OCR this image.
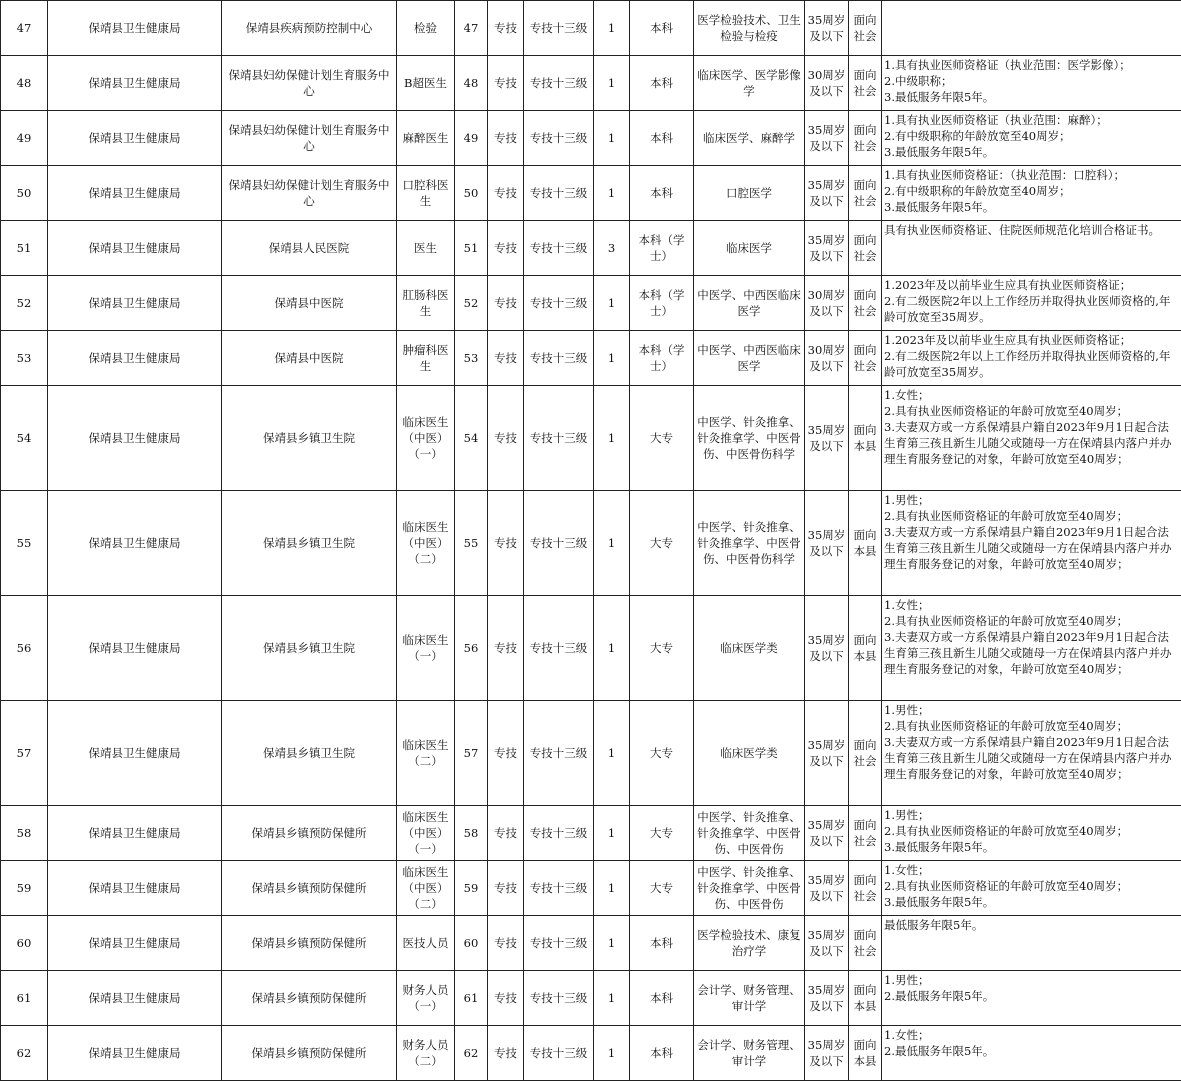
47	保靖县卫生健康局	保靖县疾病预防控制中心	检验	47	专技	专技十三级	1	本科	医学检验技术、卫生检验与检疫	35周岁及以下	面向社会	
48	保靖县卫生健康局	保靖县妇幼保健计划生育服务中心	B超医生	48	专技	专技十三级	1	本科	临床医学、医学影像学	30周岁及以下	面向社会	1.具有执业医师资格证（执业范围：医学影像）；
2.中级职称；
3.最低服务年限5年。

49	保靖县卫生健康局	保靖县妇幼保健计划生育服务中心	麻醉医生	49	专技	专技十三级	1	本科	临床医学、麻醉学	35周岁及以下	面向社会	1.具有执业医师资格证（执业范围：麻醉）；
2.有中级职称的年龄放宽至40周岁；
3.最低服务年限5年。

50	保靖县卫生健康局	保靖县妇幼保健计划生育服务中心	口腔科医生	50	专技	专技十三级	1	本科	口腔医学	35周岁及以下	面向社会	1.具有执业医师资格证：（执业范围：口腔科）；
2.有中级职称的年龄放宽至40周岁；
3.最低服务年限5年。

51	保靖县卫生健康局	保靖县人民医院	医生	51	专技	专技十三级	3	本科（学士）	临床医学	35周岁及以下	面向社会	具有执业医师资格证、住院医师规范化培训合格证书。

52	保靖县卫生健康局	保靖县中医院	肛肠科医生	52	专技	专技十三级	1	本科（学士）	中医学、中西医临床医学	30周岁及以下	面向社会	1.2023年及以前毕业生应具有执业医师资格证；
2.有二级医院2年以上工作经历并取得执业医师资格的,年龄可放宽至35周岁。

53	保靖县卫生健康局	保靖县中医院	肿瘤科医生	53	专技	专技十三级	1	本科（学士）	中医学、中西医临床医学	30周岁及以下	面向社会	1.2023年及以前毕业生应具有执业医师资格证；
2.有二级医院2年以上工作经历并取得执业医师资格的,年龄可放宽至35周岁。

54	保靖县卫生健康局	保靖县乡镇卫生院	临床医生（中医）（一）	54	专技	专技十三级	1	大专	中医学、针灸推拿、针灸推拿学、中医骨伤、中医骨伤科学	35周岁及以下	面向本县	1.女性；
2.具有执业医师资格证的年龄可放宽至40周岁；
3.夫妻双方或一方系保靖县户籍自2023年9月1日起合法生育第三孩且新生儿随父或随母一方在保靖县内落户并办理生育服务登记的对象，年龄可放宽至40周岁；

55	保靖县卫生健康局	保靖县乡镇卫生院	临床医生（中医）（二）	55	专技	专技十三级	1	大专	中医学、针灸推拿、针灸推拿学、中医骨伤、中医骨伤科学	35周岁及以下	面向本县	1.男性；
2.具有执业医师资格证的年龄可放宽至40周岁；
3.夫妻双方或一方系保靖县户籍自2023年9月1日起合法生育第三孩且新生儿随父或随母一方在保靖县内落户并办理生育服务登记的对象，年龄可放宽至40周岁；

56	保靖县卫生健康局	保靖县乡镇卫生院	临床医生（一）	56	专技	专技十三级	1	大专	临床医学类	35周岁及以下	面向本县	1.女性；
2.具有执业医师资格证的年龄可放宽至40周岁；
3.夫妻双方或一方系保靖县户籍自2023年9月1日起合法生育第三孩且新生儿随父或随母一方在保靖县内落户并办理生育服务登记的对象，年龄可放宽至40周岁；

57	保靖县卫生健康局	保靖县乡镇卫生院	临床医生（二）	57	专技	专技十三级	1	大专	临床医学类	35周岁及以下	面向社会	1.男性；
2.具有执业医师资格证的年龄可放宽至40周岁；
3.夫妻双方或一方系保靖县户籍自2023年9月1日起合法生育第三孩且新生儿随父或随母一方在保靖县内落户并办理生育服务登记的对象，年龄可放宽至40周岁；

58	保靖县卫生健康局	保靖县乡镇预防保健所	临床医生（中医）（一）	58	专技	专技十三级	1	大专	中医学、针灸推拿、针灸推拿学、中医骨伤、中医骨伤	35周岁及以下	面向社会	1.男性；
2.具有执业医师资格证的年龄可放宽至40周岁；
3.最低服务年限5年。

59	保靖县卫生健康局	保靖县乡镇预防保健所	临床医生（中医）（二）	59	专技	专技十三级	1	大专	中医学、针灸推拿、针灸推拿学、中医骨伤、中医骨伤	35周岁及以下	面向社会	1.女性；
2.具有执业医师资格证的年龄可放宽至40周岁；
3.最低服务年限5年。

60	保靖县卫生健康局	保靖县乡镇预防保健所	医技人员	60	专技	专技十三级	1	本科	医学检验技术、康复治疗学	35周岁及以下	面向社会	最低服务年限5年。

61	保靖县卫生健康局	保靖县乡镇预防保健所	财务人员（一）	61	专技	专技十三级	1	本科	会计学、财务管理、审计学	35周岁及以下	面向本县	1.男性；
2.最低服务年限5年。

62	保靖县卫生健康局	保靖县乡镇预防保健所	财务人员（二）	62	专技	专技十三级	1	本科	会计学、财务管理、审计学	35周岁及以下	面向本县	1.女性；
2.最低服务年限5年。
